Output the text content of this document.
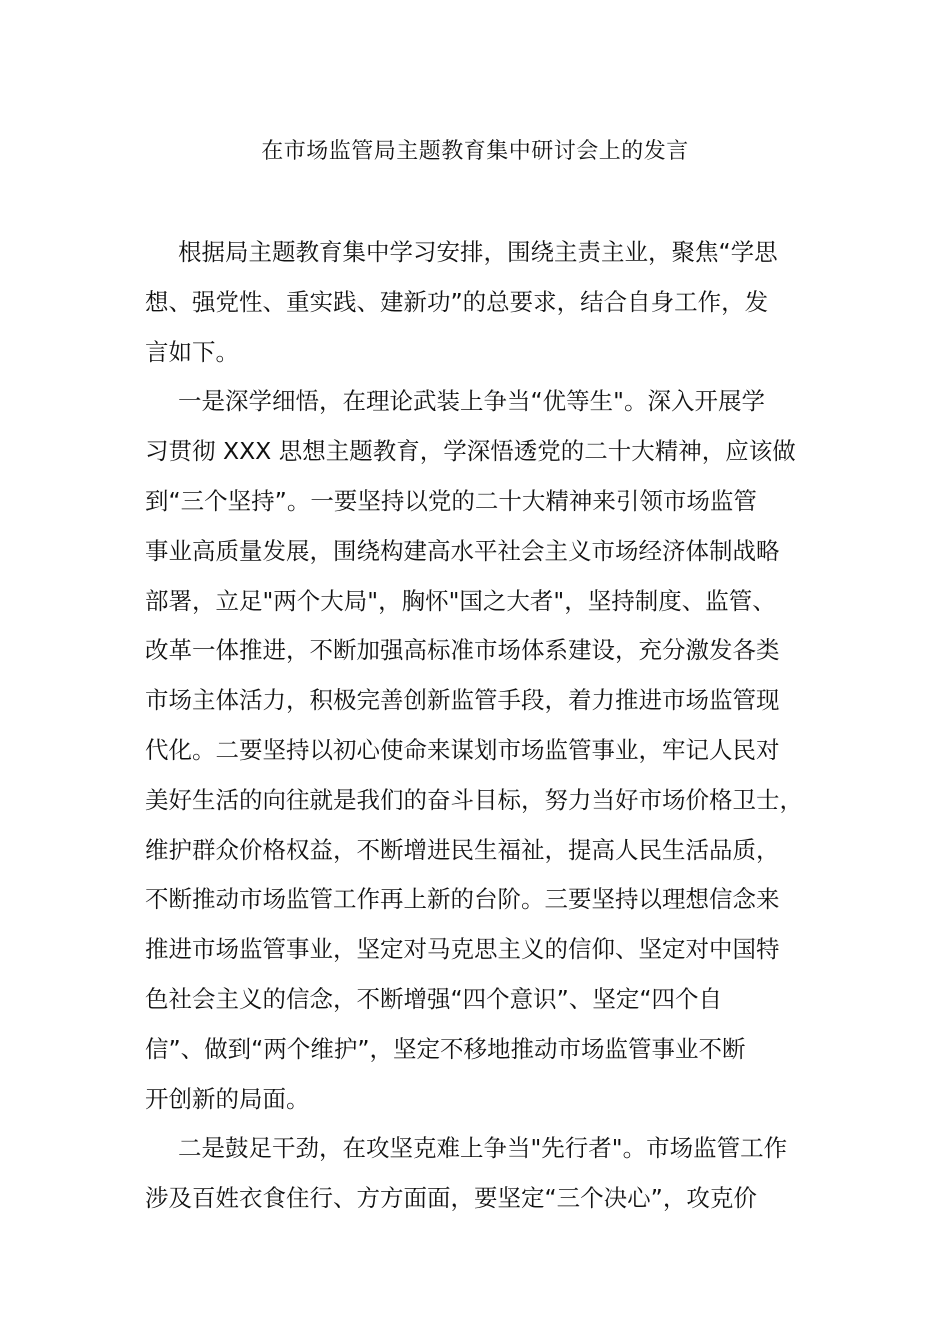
在市场监管局主题教育集中研讨会上的发言

根据局主题教育集中学习安排，围绕主责主业，聚焦“学思
想、强党性、重实践、建新功”的总要求，结合自身工作，发
言如下。

一是深学细悟，在理论武装上争当“优等生"。深入开展学
习贯彻 XXX 思想主题教育，学深悟透党的二十大精神，应该做
到“三个坚持”。一要坚持以党的二十大精神来引领市场监管
事业高质量发展，围绕构建高水平社会主义市场经济体制战略
部署，立足"两个大局"，胸怀"国之大者"，坚持制度、监管、
改革一体推进，不断加强高标准市场体系建设，充分激发各类
市场主体活力，积极完善创新监管手段，着力推进市场监管现
代化。二要坚持以初心使命来谋划市场监管事业，牢记人民对
美好生活的向往就是我们的奋斗目标，努力当好市场价格卫士，
维护群众价格权益，不断增进民生福祉，提高人民生活品质，
不断推动市场监管工作再上新的台阶。三要坚持以理想信念来
推进市场监管事业，坚定对马克思主义的信仰、坚定对中国特
色社会主义的信念，不断增强“四个意识”、坚定“四个自
信”、做到“两个维护”，坚定不移地推动市场监管事业不断
开创新的局面。

二是鼓足干劲，在攻坚克难上争当"先行者"。市场监管工作
涉及百姓衣食住行、方方面面，要坚定“三个决心”，攻克价
